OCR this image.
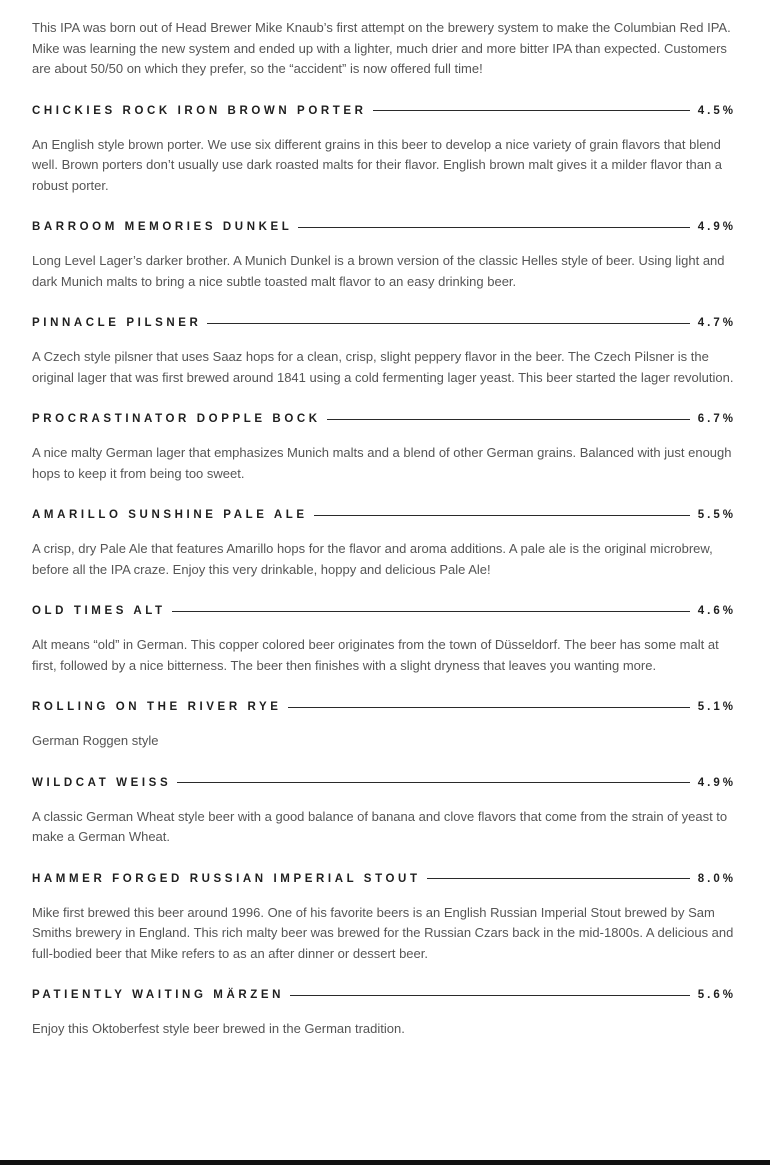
This IPA was born out of Head Brewer Mike Knaub’s first attempt on the brewery system to make the Columbian Red IPA. Mike was learning the new system and ended up with a lighter, much drier and more bitter IPA than expected. Customers are about 50/50 on which they prefer, so the “accident” is now offered full time!

CHICKIES ROCK IRON BROWN PORTER	4.5%

An English style brown porter. We use six different grains in this beer to develop a nice variety of grain flavors that blend well. Brown porters don’t usually use dark roasted malts for their flavor. English brown malt gives it a milder flavor than a robust porter.

BARROOM MEMORIES DUNKEL	4.9%

Long Level Lager’s darker brother. A Munich Dunkel is a brown version of the classic Helles style of beer. Using light and dark Munich malts to bring a nice subtle toasted malt flavor to an easy drinking beer.

PINNACLE PILSNER	4.7%

A Czech style pilsner that uses Saaz hops for a clean, crisp, slight peppery flavor in the beer. The Czech Pilsner is the original lager that was first brewed around 1841 using a cold fermenting lager yeast. This beer started the lager revolution.

PROCRASTINATOR DOPPLE BOCK	6.7%

A nice malty German lager that emphasizes Munich malts and a blend of other German grains. Balanced with just enough hops to keep it from being too sweet.

AMARILLO SUNSHINE PALE ALE	5.5%

A crisp, dry Pale Ale that features Amarillo hops for the flavor and aroma additions. A pale ale is the original microbrew, before all the IPA craze. Enjoy this very drinkable, hoppy and delicious Pale Ale!

OLD TIMES ALT	4.6%

Alt means “old” in German. This copper colored beer originates from the town of Düsseldorf. The beer has some malt at first, followed by a nice bitterness. The beer then finishes with a slight dryness that leaves you wanting more.

ROLLING ON THE RIVER RYE	5.1%

German Roggen style

WILDCAT WEISS	4.9%

A classic German Wheat style beer with a good balance of banana and clove flavors that come from the strain of yeast to make a German Wheat.

HAMMER FORGED RUSSIAN IMPERIAL STOUT	8.0%

Mike first brewed this beer around 1996. One of his favorite beers is an English Russian Imperial Stout brewed by Sam Smiths brewery in England. This rich malty beer was brewed for the Russian Czars back in the mid-1800s. A delicious and full-bodied beer that Mike refers to as an after dinner or dessert beer.

PATIENTLY WAITING MÄRZEN	5.6%

Enjoy this Oktoberfest style beer brewed in the German tradition.
